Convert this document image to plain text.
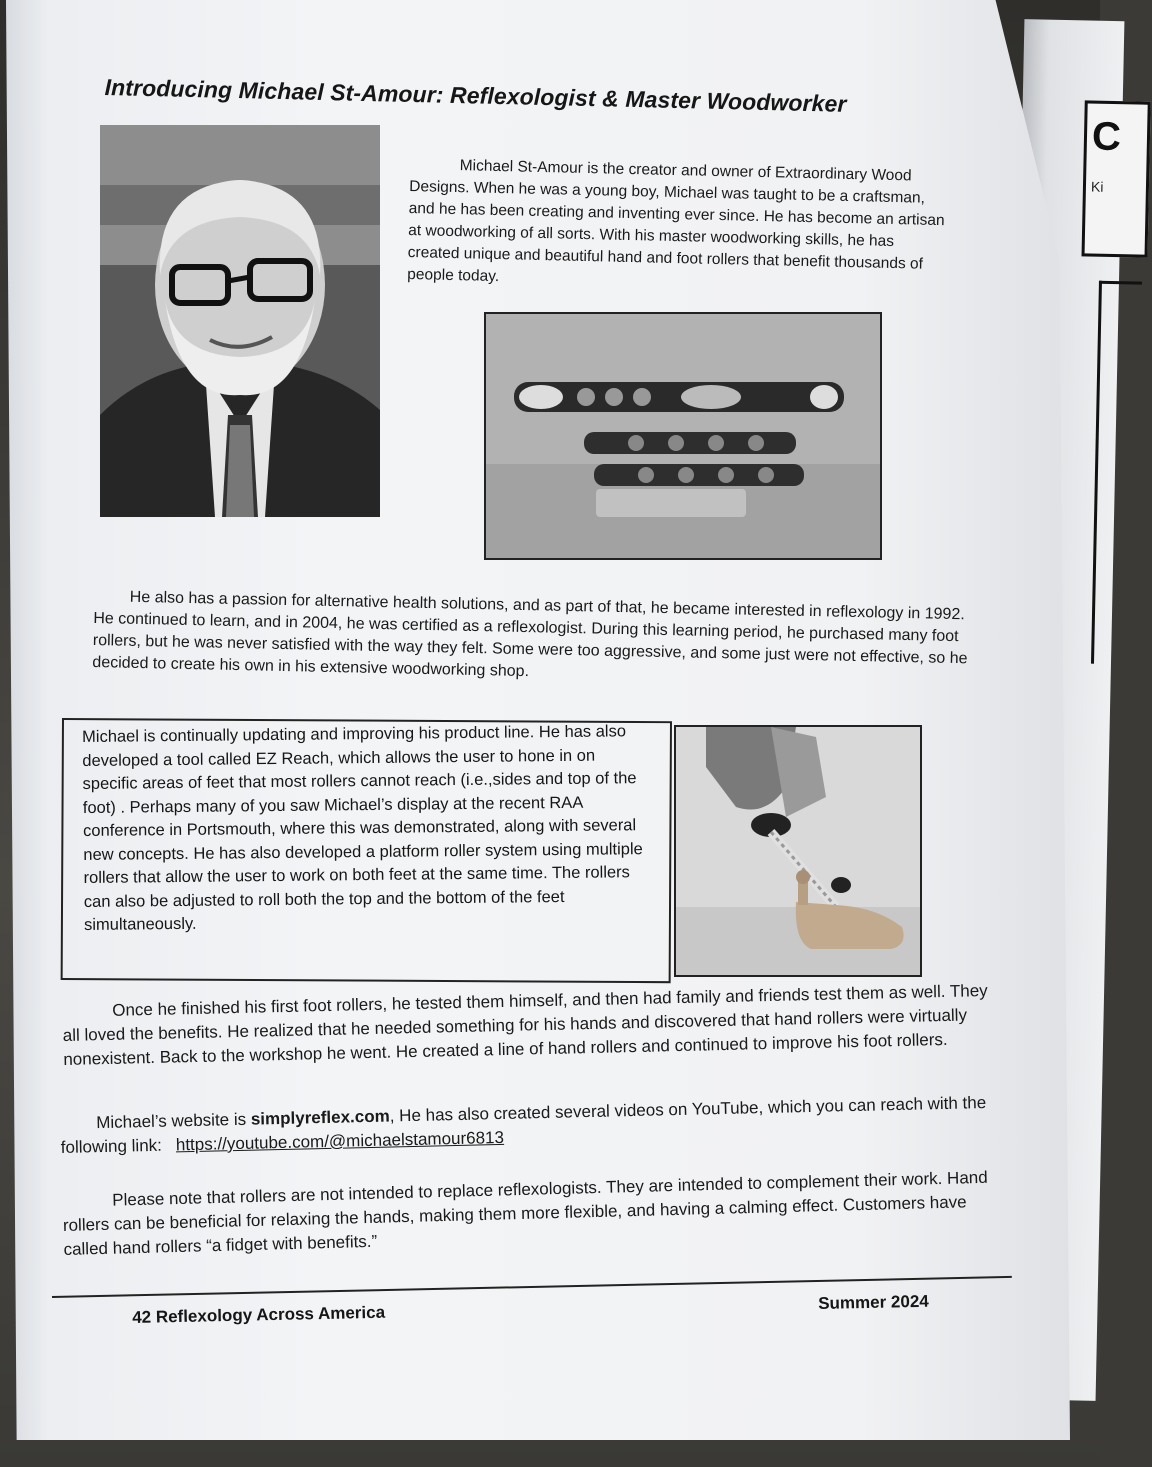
C
Ki
Introducing Michael St-Amour: Reflexologist & Master Woodworker

Michael St-Amour is the creator and owner of Extraordinary Wood Designs. When he was a young boy, Michael was taught to be a craftsman, and he has been creating and inventing ever since. He has become an artisan at woodworking of all sorts. With his master woodworking skills, he has created unique and beautiful hand and foot rollers that benefit thousands of people today.

He also has a passion for alternative health solutions, and as part of that, he became interested in reflexology in 1992. He continued to learn, and in 2004, he was certified as a reflexologist. During this learning period, he purchased many foot rollers, but he was never satisfied with the way they felt. Some were too aggressive, and some just were not effective, so he decided to create his own in his extensive woodworking shop.

Michael is continually updating and improving his product line. He has also developed a tool called EZ Reach, which allows the user to hone in on specific areas of feet that most rollers cannot reach (i.e.,sides and top of the foot) . Perhaps many of you saw Michael’s display at the recent RAA conference in Portsmouth, where this was demonstrated, along with several new concepts. He has also developed a platform roller system using multiple rollers that allow the user to work on both feet at the same time. The rollers can also be adjusted to roll both the top and the bottom of the feet simultaneously.

Once he finished his first foot rollers, he tested them himself, and then had family and friends test them as well. They all loved the benefits. He realized that he needed something for his hands and discovered that hand rollers were virtually nonexistent. Back to the workshop he went. He created a line of hand rollers and continued to improve his foot rollers.

Michael’s website is simplyreflex.com, He has also created several videos on YouTube, which you can reach with the following link: https://youtube.com/@michaelstamour6813

Please note that rollers are not intended to replace reflexologists. They are intended to complement their work. Hand rollers can be beneficial for relaxing the hands, making them more flexible, and having a calming effect. Customers have called hand rollers “a fidget with benefits.”

42 Reflexology Across America
Summer 2024
